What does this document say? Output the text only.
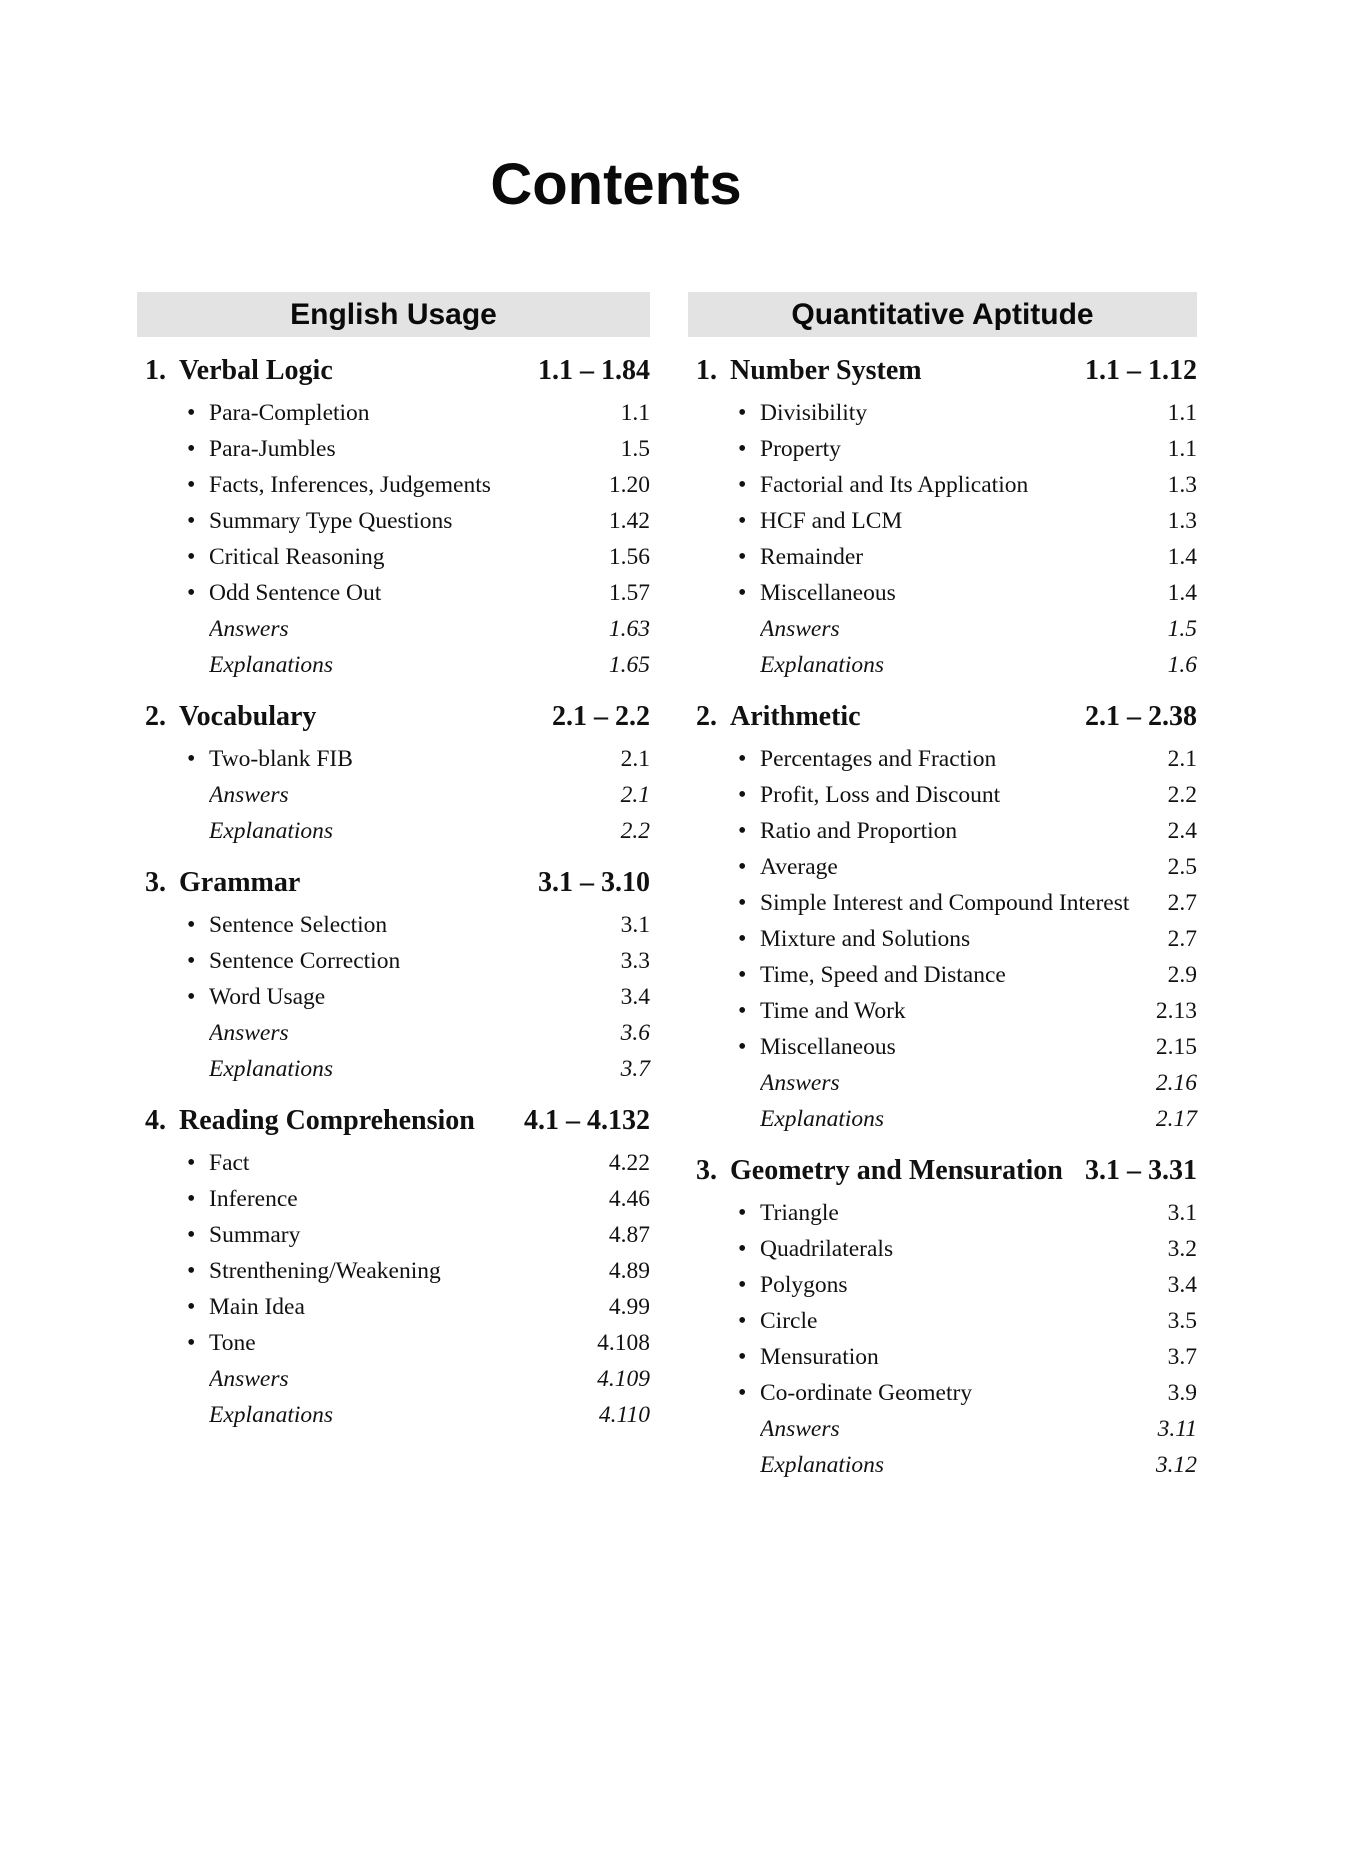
Contents
English Usage
1. Verbal Logic	1.1 – 1.84
• Para-Completion	1.1
• Para-Jumbles	1.5
• Facts, Inferences, Judgements	1.20
• Summary Type Questions	1.42
• Critical Reasoning	1.56
• Odd Sentence Out	1.57
Answers	1.63
Explanations	1.65
2. Vocabulary	2.1 – 2.2
• Two-blank FIB	2.1
Answers	2.1
Explanations	2.2
3. Grammar	3.1 – 3.10
• Sentence Selection	3.1
• Sentence Correction	3.3
• Word Usage	3.4
Answers	3.6
Explanations	3.7
4. Reading Comprehension	4.1 – 4.132
• Fact	4.22
• Inference	4.46
• Summary	4.87
• Strenthening/Weakening	4.89
• Main Idea	4.99
• Tone	4.108
Answers	4.109
Explanations	4.110
Quantitative Aptitude
1. Number System	1.1 – 1.12
• Divisibility	1.1
• Property	1.1
• Factorial and Its Application	1.3
• HCF and LCM	1.3
• Remainder	1.4
• Miscellaneous	1.4
Answers	1.5
Explanations	1.6
2. Arithmetic	2.1 – 2.38
• Percentages and Fraction	2.1
• Profit, Loss and Discount	2.2
• Ratio and Proportion	2.4
• Average	2.5
• Simple Interest and Compound Interest	2.7
• Mixture and Solutions	2.7
• Time, Speed and Distance	2.9
• Time and Work	2.13
• Miscellaneous	2.15
Answers	2.16
Explanations	2.17
3. Geometry and Mensuration 3.1 – 3.31
• Triangle	3.1
• Quadrilaterals	3.2
• Polygons	3.4
• Circle	3.5
• Mensuration	3.7
• Co-ordinate Geometry	3.9
Answers	3.11
Explanations	3.12
